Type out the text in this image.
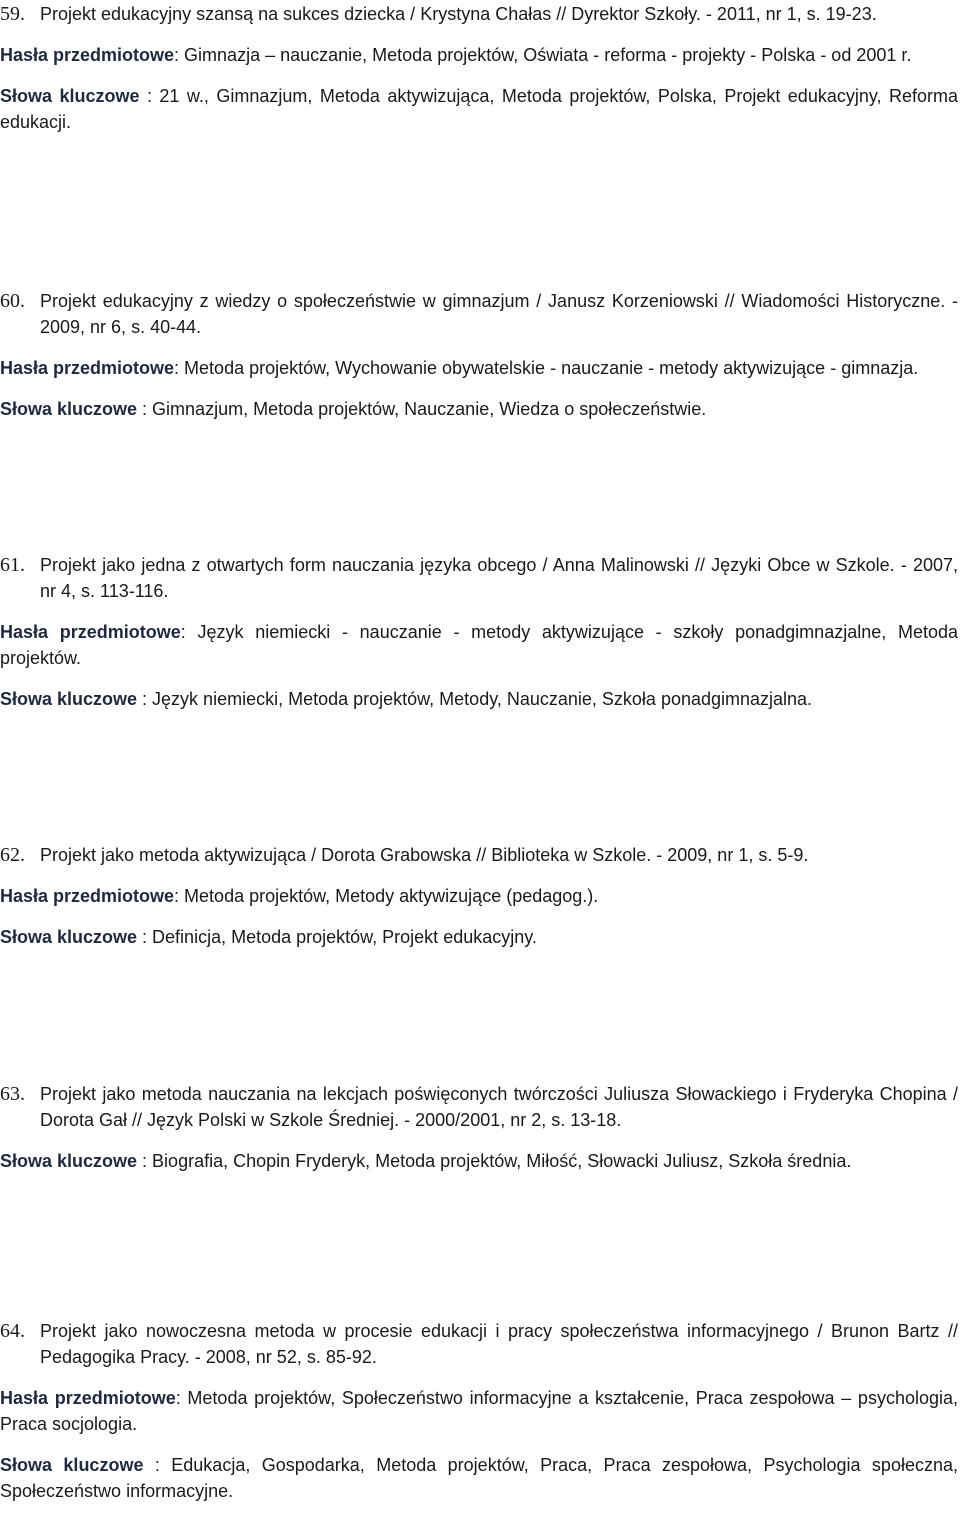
59. Projekt edukacyjny szansą na sukces dziecka / Krystyna Chałas // Dyrektor Szkoły. - 2011, nr 1, s. 19-23.

Hasła przedmiotowe: Gimnazja – nauczanie, Metoda projektów, Oświata - reforma - projekty - Polska - od 2001 r.

Słowa kluczowe : 21 w., Gimnazjum, Metoda aktywizująca, Metoda projektów, Polska, Projekt edukacyjny, Reforma edukacji.

60. Projekt edukacyjny z wiedzy o społeczeństwie w gimnazjum / Janusz Korzeniowski // Wiadomości Historyczne. - 2009, nr 6, s. 40-44.

Hasła przedmiotowe: Metoda projektów, Wychowanie obywatelskie - nauczanie - metody aktywizujące - gimnazja.

Słowa kluczowe : Gimnazjum, Metoda projektów, Nauczanie, Wiedza o społeczeństwie.

61. Projekt jako jedna z otwartych form nauczania języka obcego / Anna Malinowski // Języki Obce w Szkole. - 2007, nr 4, s. 113-116.

Hasła przedmiotowe: Język niemiecki - nauczanie - metody aktywizujące - szkoły ponadgimnazjalne, Metoda projektów.

Słowa kluczowe : Język niemiecki, Metoda projektów, Metody, Nauczanie, Szkoła ponadgimnazjalna.

62. Projekt jako metoda aktywizująca / Dorota Grabowska // Biblioteka w Szkole. - 2009, nr 1, s. 5-9.

Hasła przedmiotowe: Metoda projektów, Metody aktywizujące (pedagog.).

Słowa kluczowe : Definicja, Metoda projektów, Projekt edukacyjny.

63. Projekt jako metoda nauczania na lekcjach poświęconych twórczości Juliusza Słowackiego i Fryderyka Chopina / Dorota Gał // Język Polski w Szkole Średniej. - 2000/2001, nr 2, s. 13-18.

Słowa kluczowe : Biografia, Chopin Fryderyk, Metoda projektów, Miłość, Słowacki Juliusz, Szkoła średnia.

64. Projekt jako nowoczesna metoda w procesie edukacji i pracy społeczeństwa informacyjnego / Brunon Bartz // Pedagogika Pracy. - 2008, nr 52, s. 85-92.

Hasła przedmiotowe: Metoda projektów, Społeczeństwo informacyjne a kształcenie, Praca zespołowa – psychologia, Praca socjologia.

Słowa kluczowe : Edukacja, Gospodarka, Metoda projektów, Praca, Praca zespołowa, Psychologia społeczna, Społeczeństwo informacyjne.
